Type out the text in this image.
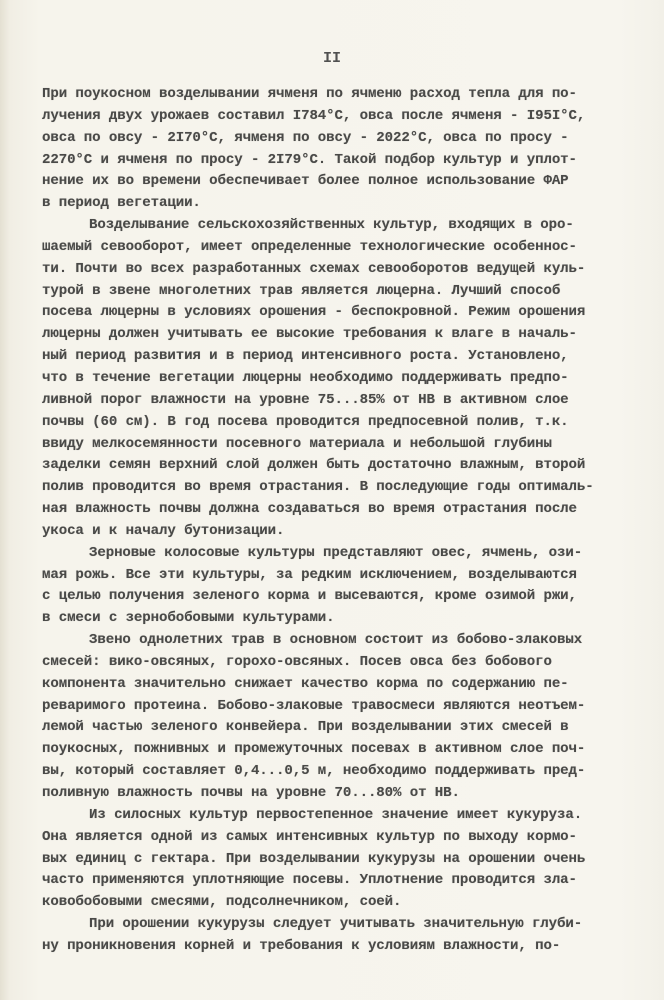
II
При поукосном возделывании ячменя по ячменю расход тепла для по-
лучения двух урожаев составил I784°С, овса после ячменя - I95I°С,
овса по овсу - 2I70°С, ячменя по овсу - 2022°С, овса по просу -
2270°С и ячменя по просу - 2I79°С. Такой подбор культур и уплот-
нение их во времени обеспечивает более полное использование ФАР
в период вегетации.
Возделывание сельскохозяйственных культур, входящих в оро-
шаемый севооборот, имеет определенные технологические особеннос-
ти. Почти во всех разработанных схемах севооборотов ведущей куль-
турой в звене многолетних трав является люцерна. Лучший способ
посева люцерны в условиях орошения - беспокровной. Режим орошения
люцерны должен учитывать ее высокие требования к влаге в началь-
ный период развития и в период интенсивного роста. Установлено,
что в течение вегетации люцерны необходимо поддерживать предпо-
ливной порог влажности на уровне 75...85% от НВ в активном слое
почвы (60 см). В год посева проводится предпосевной полив, т.к.
ввиду мелкосемянности посевного материала и небольшой глубины
заделки семян верхний слой должен быть достаточно влажным, второй
полив проводится во время отрастания. В последующие годы оптималь-
ная влажность почвы должна создаваться во время отрастания после
укоса и к началу бутонизации.
Зерновые колосовые культуры представляют овес, ячмень, ози-
мая рожь. Все эти культуры, за редким исключением, возделываются
с целью получения зеленого корма и высеваются, кроме озимой ржи,
в смеси с зернобобовыми культурами.
Звено однолетних трав в основном состоит из бобово-злаковых
смесей: вико-овсяных, горохо-овсяных. Посев овса без бобового
компонента значительно снижает качество корма по содержанию пе-
реваримого протеина. Бобово-злаковые травосмеси являются неотъем-
лемой частью зеленого конвейера. При возделывании этих смесей в
поукосных, пожнивных и промежуточных посевах в активном слое поч-
вы, который составляет 0,4...0,5 м, необходимо поддерживать пред-
поливную влажность почвы на уровне 70...80% от НВ.
Из силосных культур первостепенное значение имеет кукуруза.
Она является одной из самых интенсивных культур по выходу кормо-
вых единиц с гектара. При возделывании кукурузы на орошении очень
часто применяются уплотняющие посевы. Уплотнение проводится зла-
ковобобовыми смесями, подсолнечником, соей.
При орошении кукурузы следует учитывать значительную глуби-
ну проникновения корней и требования к условиям влажности, по-
